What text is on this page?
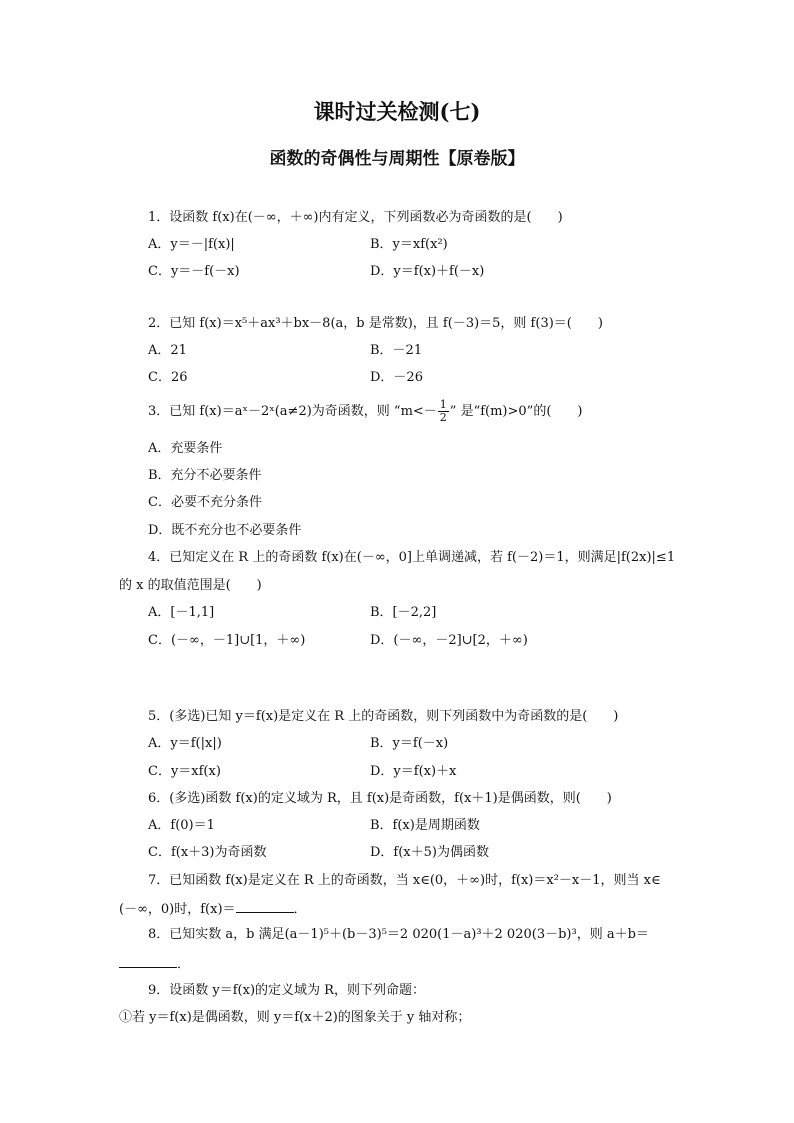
课时过关检测(七)
函数的奇偶性与周期性【原卷版】
1．设函数 f(x)在(－∞，＋∞)内有定义，下列函数必为奇函数的是(　　)
A．y＝－|f(x)|	B．y＝xf(x²)
C．y＝－f(－x)	D．y＝f(x)＋f(－x)
2．已知 f(x)＝x⁵＋ax³＋bx－8(a，b 是常数)，且 f(－3)＝5，则 f(3)＝(　　)
A．21	B．－21
C．26	D．－26
3．已知 f(x)＝aˣ－2ˣ(a≠2)为奇函数，则 “$m<- \frac{1}{2}$ ” 是“f(m)>0”的(　　)
A．充要条件
B．充分不必要条件
C．必要不充分条件
D．既不充分也不必要条件
4．已知定义在 R 上的奇函数 f(x)在(－∞，0]上单调递减，若 f(－2)＝1，则满足|f(2x)|≤1
的 x 的取值范围是(　　)
A．[－1,1]	B．[－2,2]
C．(－∞，－1]∪[1，＋∞)	D．(－∞，－2]∪[2，＋∞)
5．(多选)已知 y＝f(x)是定义在 R 上的奇函数，则下列函数中为奇函数的是(　　)
A．y＝f(|x|)	B．y＝f(－x)
C．y＝xf(x)	D．y＝f(x)＋x
6．(多选)函数 f(x)的定义域为 R，且 f(x)是奇函数，f(x＋1)是偶函数，则(　　)
A．f(0)＝1	B．f(x)是周期函数
C．f(x＋3)为奇函数	D．f(x＋5)为偶函数
7．已知函数 f(x)是定义在 R 上的奇函数，当 x∈(0，＋∞)时，f(x)＝x²－x－1，则当 x∈
(－∞，0)时，f(x)＝	．
8．已知实数 a，b 满足(a－1)⁵＋(b－3)⁵＝2 020(1－a)³＋2 020(3－b)³，则 a＋b＝
．
9．设函数 y＝f(x)的定义域为 R，则下列命题：
①若 y＝f(x)是偶函数，则 y＝f(x＋2)的图象关于 y 轴对称；
